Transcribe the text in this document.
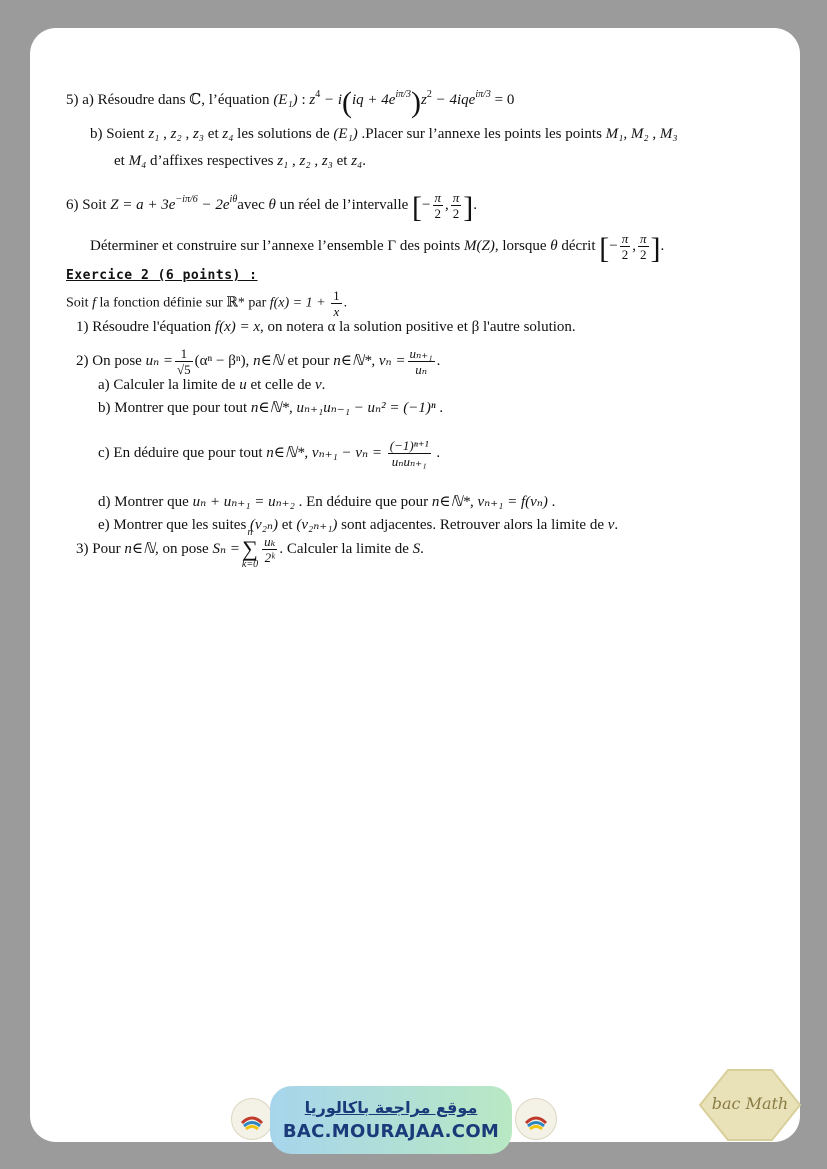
5) a) Résoudre dans ℂ, l’équation (E₁) : $z^4 - i(iq + 4e^{i\pi/3})z^2 - 4iqe^{i\pi/3} = 0$
b) Soient z₁ , z₂ , z₃ et z₄ les solutions de (E₁) .Placer sur l’annexe les points les points M₁, M₂ , M₃
et M₄ d’affixes respectives z₁ , z₂ , z₃ et z₄.
6) Soit $Z = a + 3e^{-i\pi/6}$ − $2e^{i\theta}avec$ θ un réel de l’intervalle [− $\frac{\pi}{2}$ , $\frac{\pi}{2}$ ].
Déterminer et construire sur l’annexe l’ensemble Γ des points M(Z), lorsque θ décrit [− $\frac{\pi}{2}$ , $\frac{\pi}{2}$ ].
Exercice 2 (6 points) :
Soit f la fonction définie sur ℝ* par $f(x) = 1 + \frac{1}{x}$ .
1) Résoudre l'équation f(x) = x, on notera α la solution positive et β l'autre solution.
2) On pose $u_n = \frac{1}{√5} (\alpha^n - \beta^n)$, n∈ℕ et pour n∈ℕ*, $v_n = \frac{\text{uₙ₊₁}}{\text{uₙ}}$ .
a) Calculer la limite de u et celle de v.
b) Montrer que pour tout n∈ℕ*, uₙ₊₁uₙ₋₁ − uₙ² = (−1)ⁿ .
c) En déduire que pour tout n∈ℕ*, $v_{n+1} - v_n = \frac{\text{(−1)ⁿ⁺¹}}{\text{uₙuₙ₊₁}}$ .
d) Montrer que uₙ + uₙ₊₁ = uₙ₊₂ . En déduire que pour n∈ℕ*, vₙ₊₁ = f(vₙ) .
e) Montrer que les suites (v₂ₙ) et (v₂ₙ₊₁) sont adjacentes. Retrouver alors la limite de v.
3) Pour n∈ℕ, on pose Sₙ =
n
∑
$k=0 \frac{\text{uₖ}}{\text{2ᵏ}}$ . Calculer la limite de S.
موقع مراجعة باكالوريا
BAC.MOURAJAA.COM
bac Math
